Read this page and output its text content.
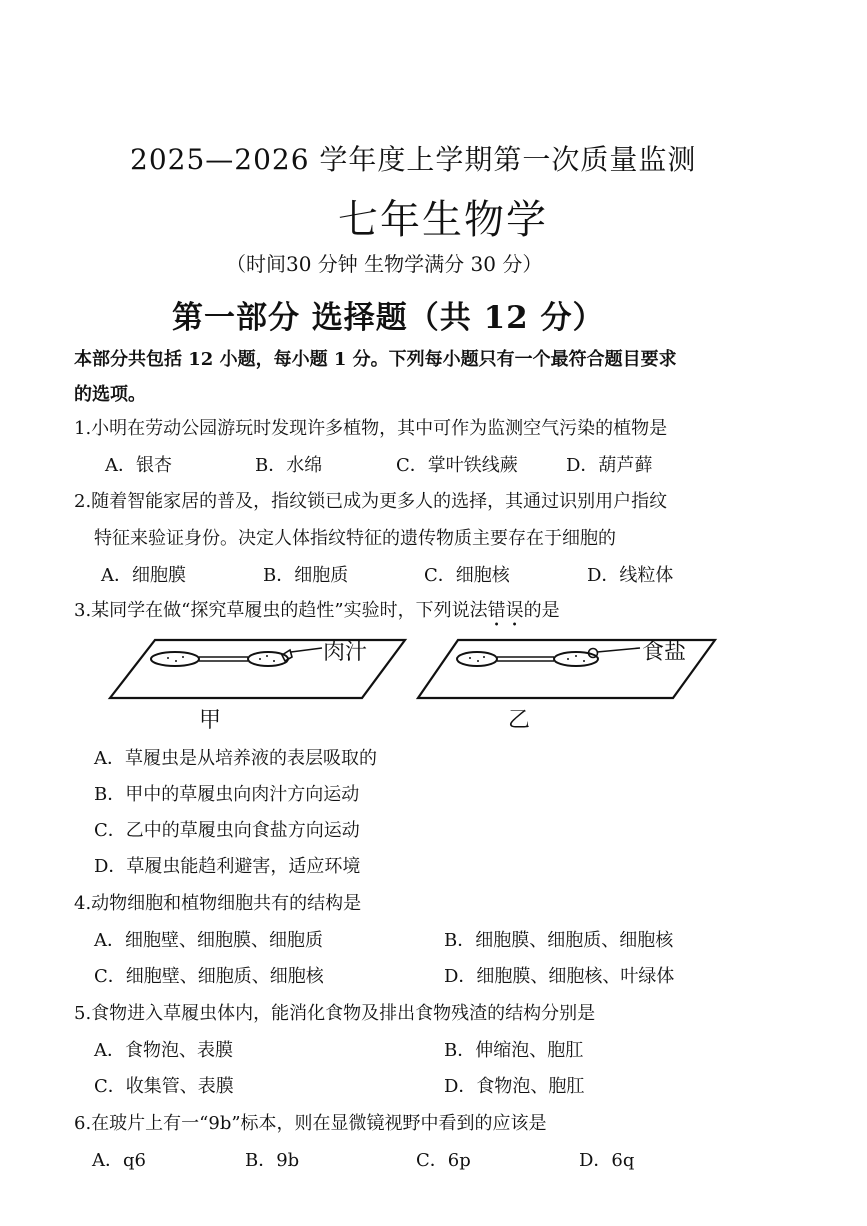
2025—2026 学年度上学期第一次质量监测
七年生物学
（时间30 分钟 生物学满分 30 分）
第一部分 选择题（共 12 分）
本部分共包括 12 小题，每小题 1 分。下列每小题只有一个最符合题目要求
的选项。
1.小明在劳动公园游玩时发现许多植物，其中可作为监测空气污染的植物是
A．银杏	B．水绵	C．掌叶铁线蕨	D．葫芦藓
2.随着智能家居的普及，指纹锁已成为更多人的选择，其通过识别用户指纹
特征来验证身份。决定人体指纹特征的遗传物质主要存在于细胞的
A．细胞膜	B．细胞质	C．细胞核	D．线粒体
3.某同学在做“探究草履虫的趋性”实验时，下列说法错误的是
肉汁	食盐
甲	乙
A．草履虫是从培养液的表层吸取的
B．甲中的草履虫向肉汁方向运动
C．乙中的草履虫向食盐方向运动
D．草履虫能趋利避害，适应环境
4.动物细胞和植物细胞共有的结构是
A．细胞壁、细胞膜、细胞质	B．细胞膜、细胞质、细胞核
C．细胞壁、细胞质、细胞核	D．细胞膜、细胞核、叶绿体
5.食物进入草履虫体内，能消化食物及排出食物残渣的结构分别是
A．食物泡、表膜	B．伸缩泡、胞肛
C．收集管、表膜	D．食物泡、胞肛
6.在玻片上有一“9b”标本，则在显微镜视野中看到的应该是
A．q6	B．9b	C．6p	D．6q
